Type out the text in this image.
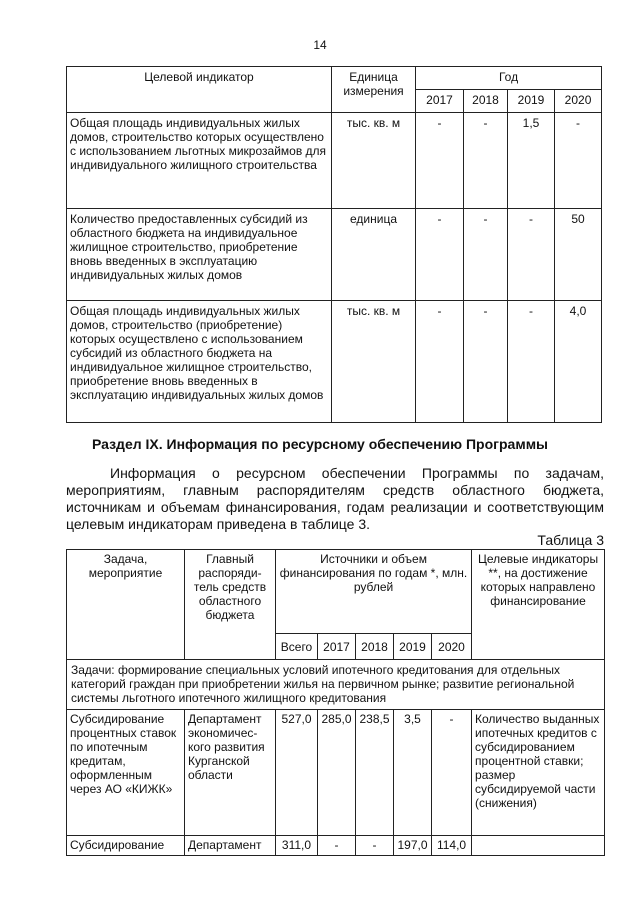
14
Целевой индикатор	Единица измерения	Год			
		2017	2018	2019	2020
Общая площадь индивидуальных жилых домов, строительство которых осуществлено с использованием льготных микрозаймов для индивидуального жилищного строительства	тыс. кв. м	-	-	1,5	-
Количество предоставленных субсидий из областного бюджета на индивидуальное жилищное строительство, приобретение вновь введенных в эксплуатацию индивидуальных жилых домов	единица	-	-	-	50
Общая площадь индивидуальных жилых домов, строительство (приобретение) которых осуществлено с использованием субсидий из областного бюджета на индивидуальное жилищное строительство, приобретение вновь введенных в эксплуатацию индивидуальных жилых домов	тыс. кв. м	-	-	-	4,0
Раздел IX. Информация по ресурсному обеспечению Программы

Информация о ресурсном обеспечении Программы по задачам, мероприятиям, главным распорядителям средств областного бюджета, источникам и объемам финансирования, годам реализации и соответствующим целевым индикаторам приведена в таблице 3.

Таблица 3
Задача, мероприятие	Главный распоряди-тель средств областного бюджета	Источники и объем финансирования по годам *, млн. рублей					Целевые индикаторы **, на достижение которых направлено финансирование
		Всего	2017	2018	2019	2020	
Задачи: формирование специальных условий ипотечного кредитования для отдельных категорий граждан при приобретении жилья на первичном рынке; развитие региональной системы льготного ипотечного жилищного кредитования							
Субсидирование процентных ставок по ипотечным кредитам, оформленным через АО «КИЖК»	Департамент экономичес-кого развития Курганской области	527,0	285,0	238,5	3,5	-	Количество выданных ипотечных кредитов с субсидированием процентной ставки; размер субсидируемой части (снижения)
Субсидирование	Департамент	311,0	-	-	197,0	114,0	
